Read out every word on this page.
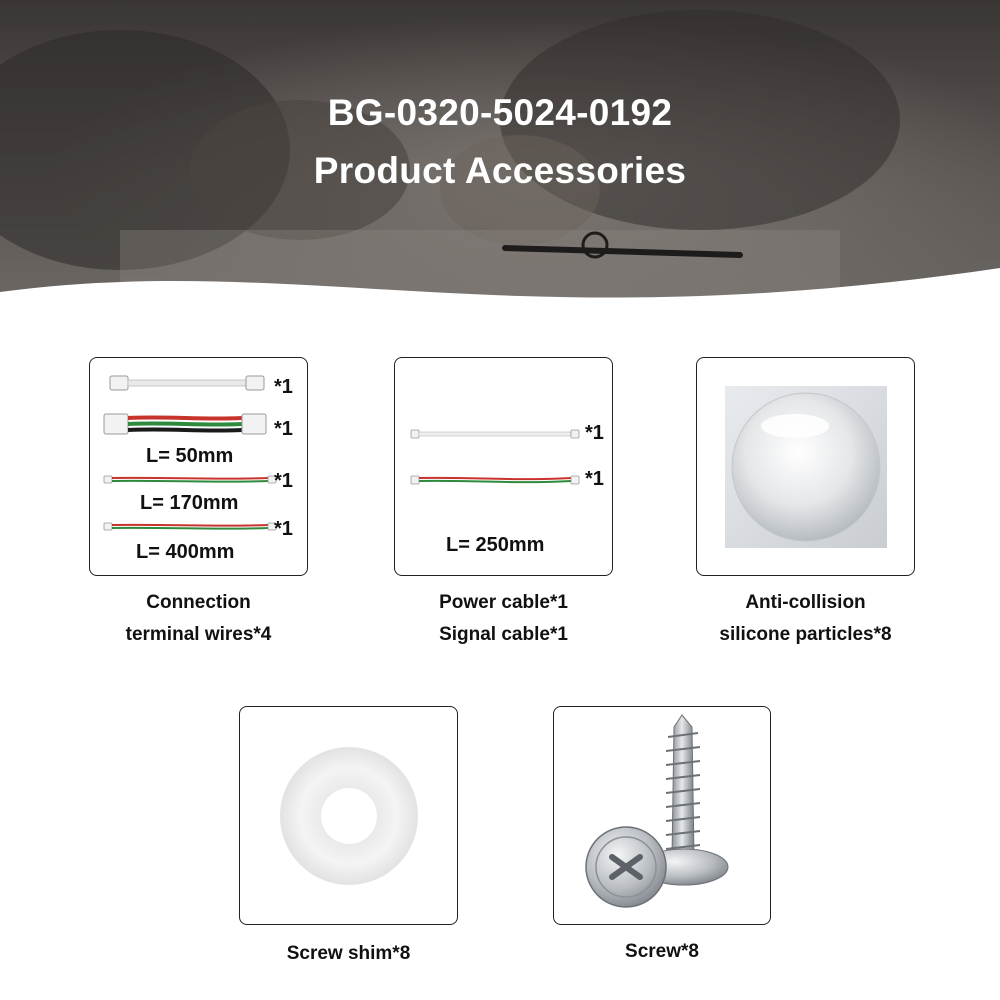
BG-0320-5024-0192
Product Accessories
*1
*1
L= 50mm
*1
L= 170mm
*1
L= 400mm
Connection
terminal wires*4
*1
*1
L= 250mm
Power cable*1
Signal cable*1
Anti-collision
silicone particles*8
Screw shim*8	Screw*8
